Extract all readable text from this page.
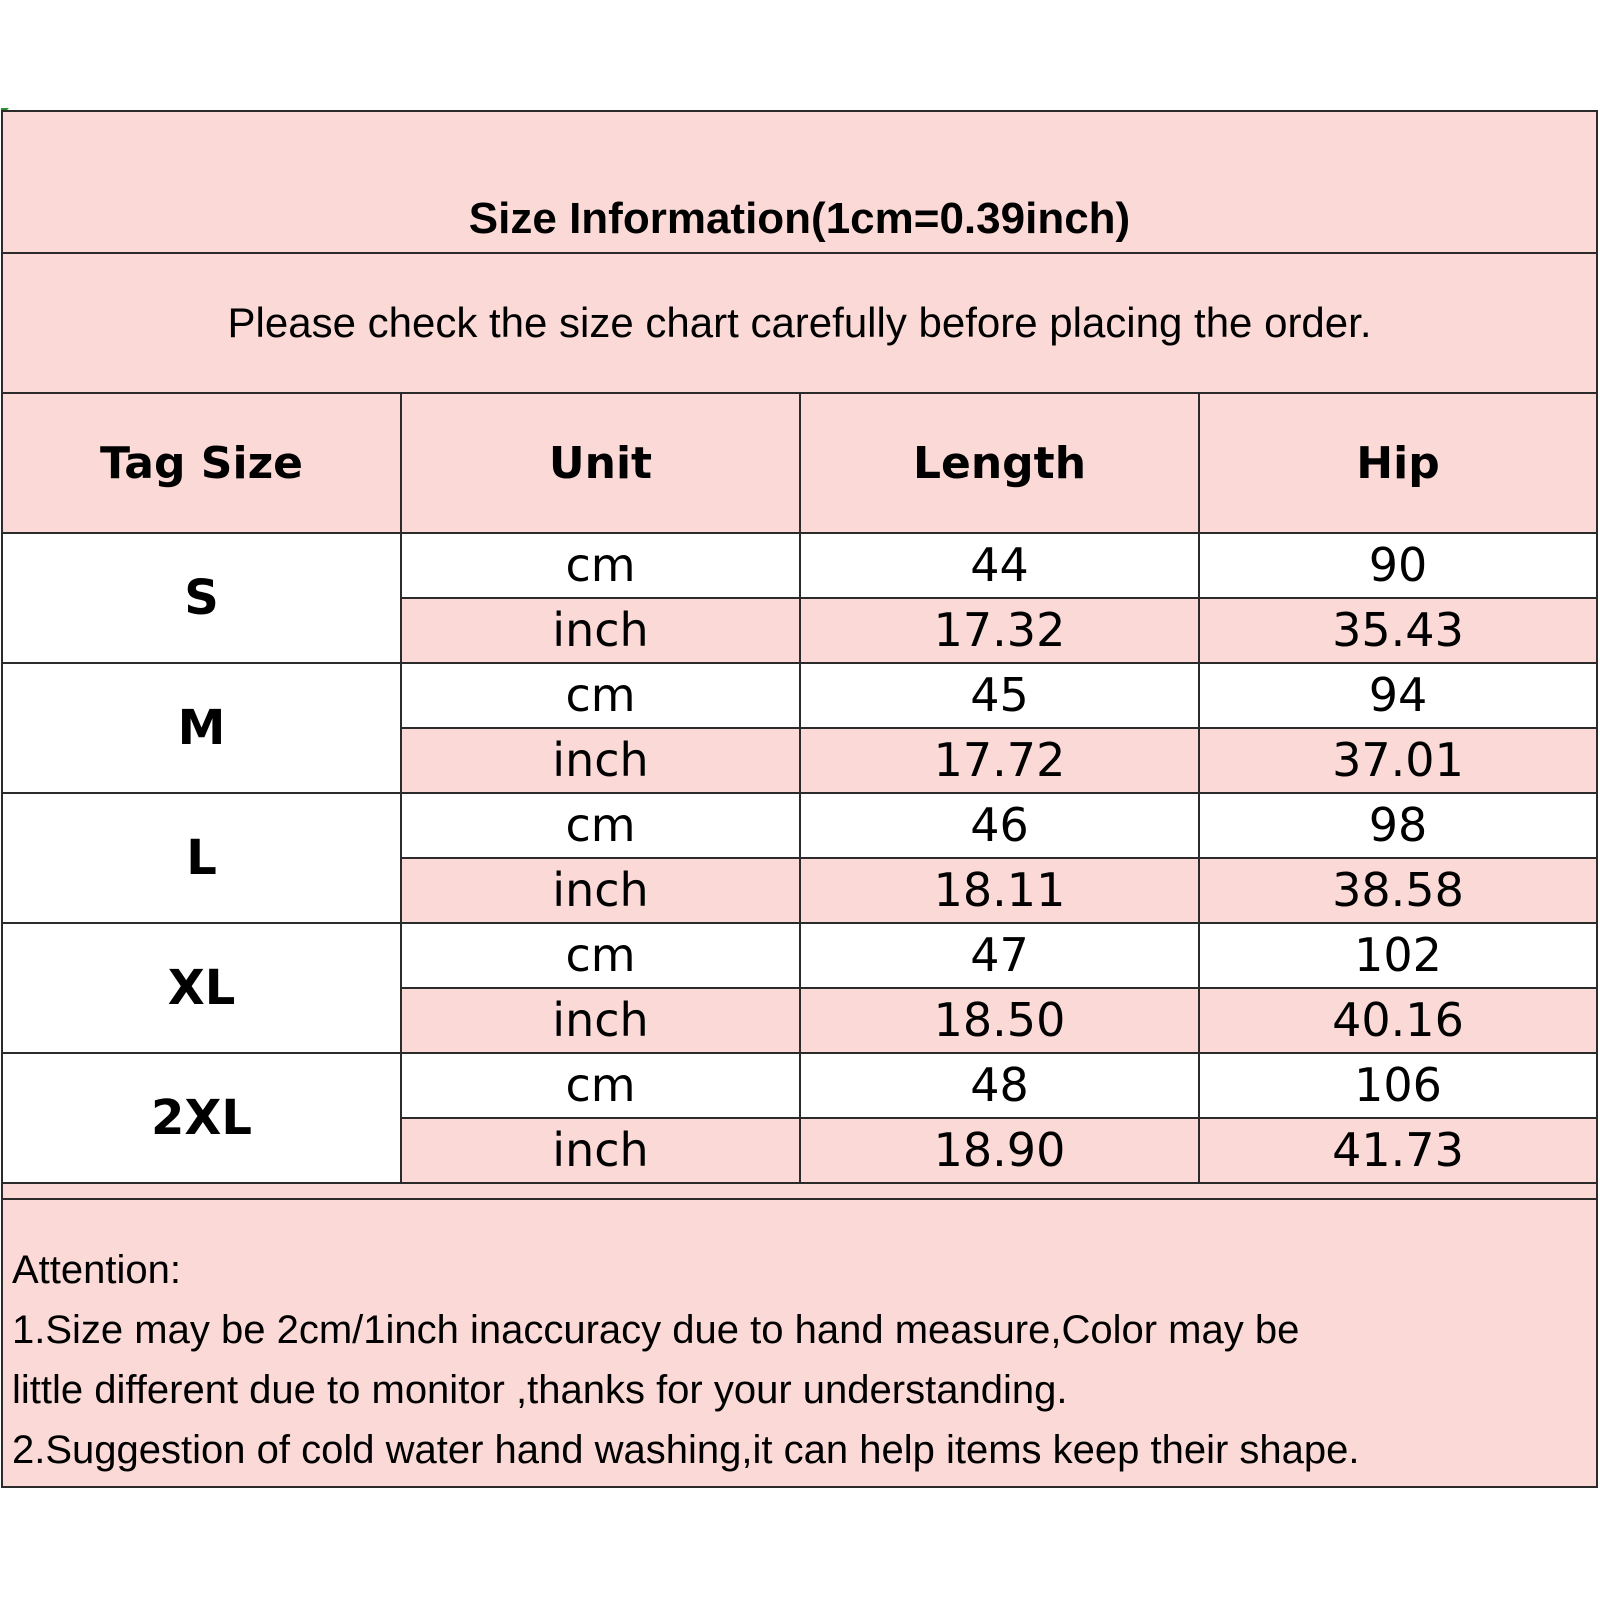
Size Information(1cm=0.39inch)
Please check the size chart carefully before placing the order.
Tag Size	Unit	Length	Hip
S	cm	44	90
	inch	17.32	35.43
M	cm	45	94
	inch	17.72	37.01
L	cm	46	98
	inch	18.11	38.58
XL	cm	47	102
	inch	18.50	40.16
2XL	cm	48	106
	inch	18.90	41.73
Attention:
1.Size may be 2cm/1inch inaccuracy due to hand measure,Color may be
little different due to monitor ,thanks for your understanding.
2.Suggestion of cold water hand washing,it can help items keep their shape.
